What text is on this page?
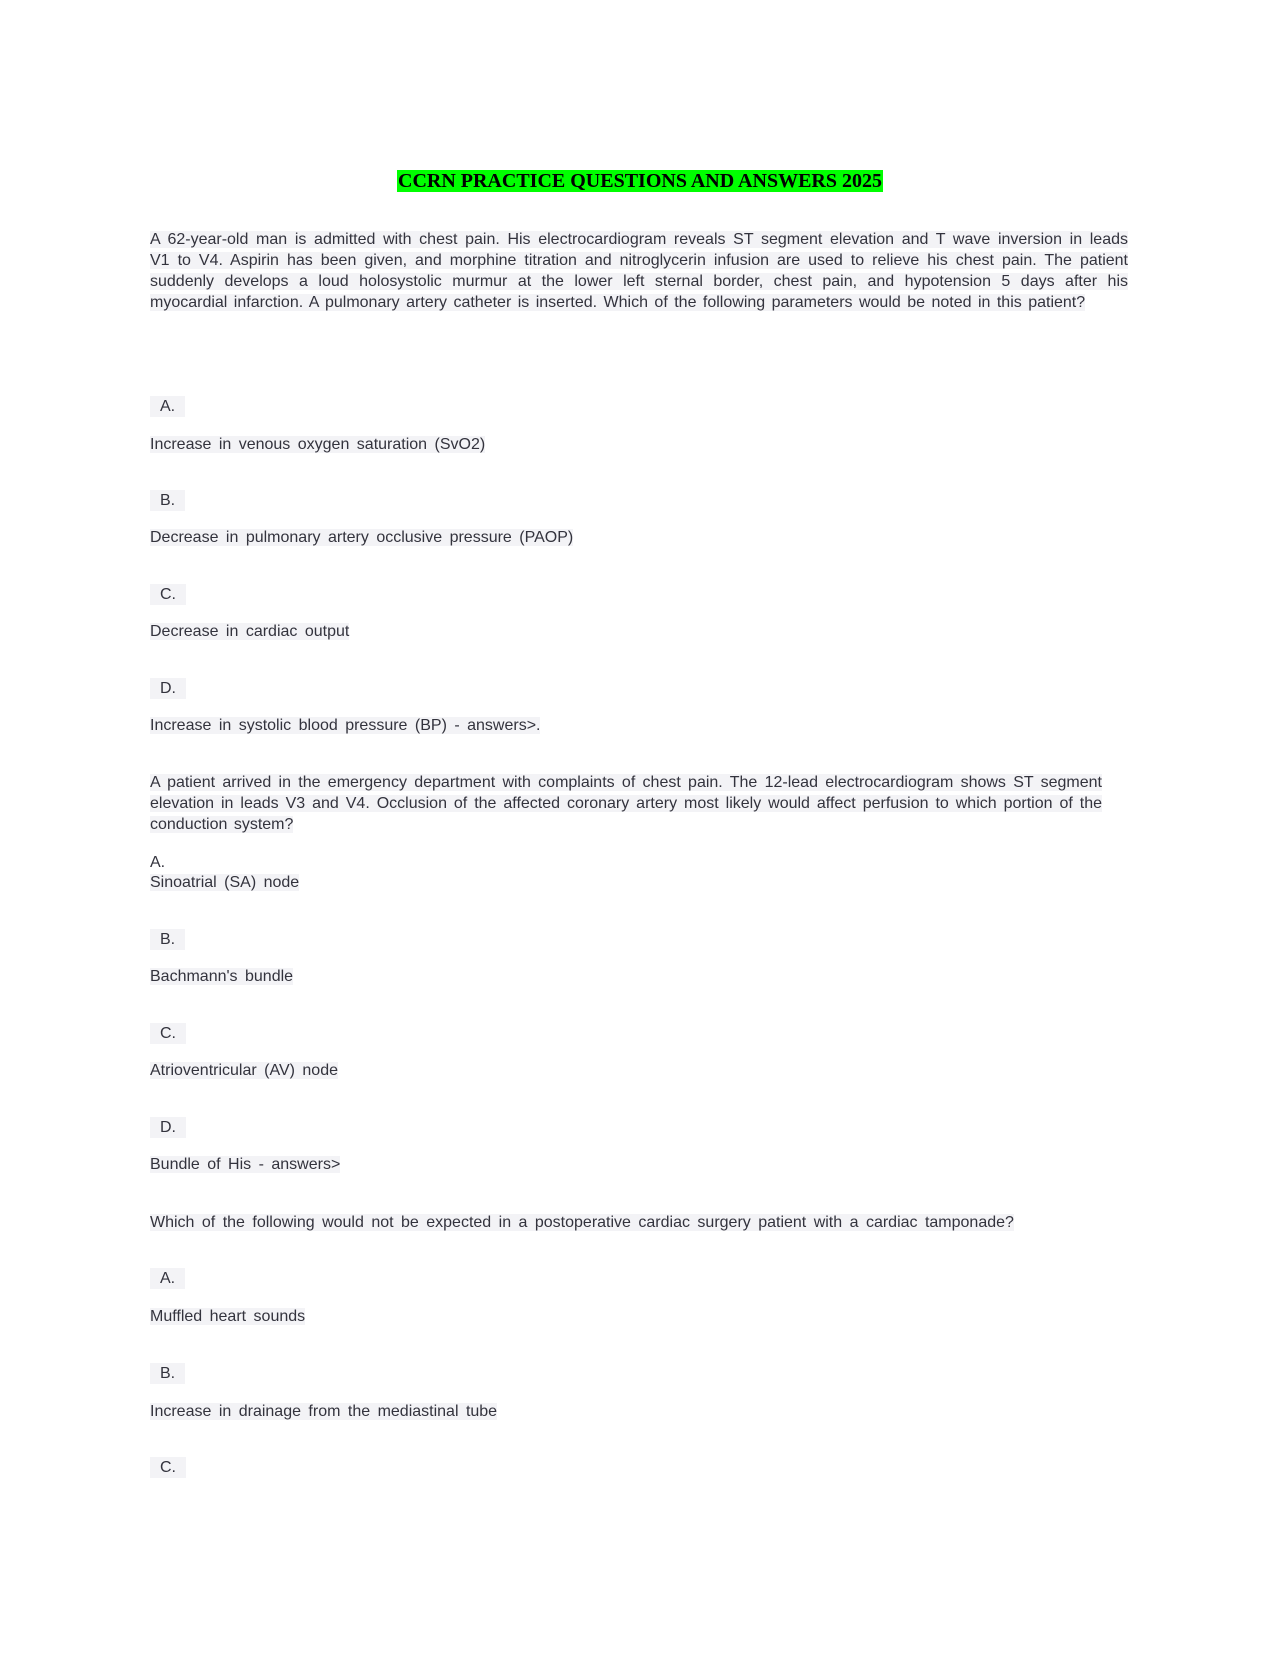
CCRN PRACTICE QUESTIONS AND ANSWERS 2025
A 62-year-old man is admitted with chest pain. His electrocardiogram reveals ST segment elevation and T wave inversion in leads V1 to V4. Aspirin has been given, and morphine titration and nitroglycerin infusion are used to relieve his chest pain. The patient suddenly develops a loud holosystolic murmur at the lower left sternal border, chest pain, and hypotension 5 days after his myocardial infarction. A pulmonary artery catheter is inserted. Which of the following parameters would be noted in this patient?
A.
Increase in venous oxygen saturation (SvO2)
B.
Decrease in pulmonary artery occlusive pressure (PAOP)
C.
Decrease in cardiac output
D.
Increase in systolic blood pressure (BP) - answers>.
A patient arrived in the emergency department with complaints of chest pain. The 12-lead electrocardiogram shows ST segment elevation in leads V3 and V4. Occlusion of the affected coronary artery most likely would affect perfusion to which portion of the conduction system?
A.
Sinoatrial (SA) node
B.
Bachmann's bundle
C.
Atrioventricular (AV) node
D.
Bundle of His - answers>
Which of the following would not be expected in a postoperative cardiac surgery patient with a cardiac tamponade?
A.
Muffled heart sounds
B.
Increase in drainage from the mediastinal tube
C.
